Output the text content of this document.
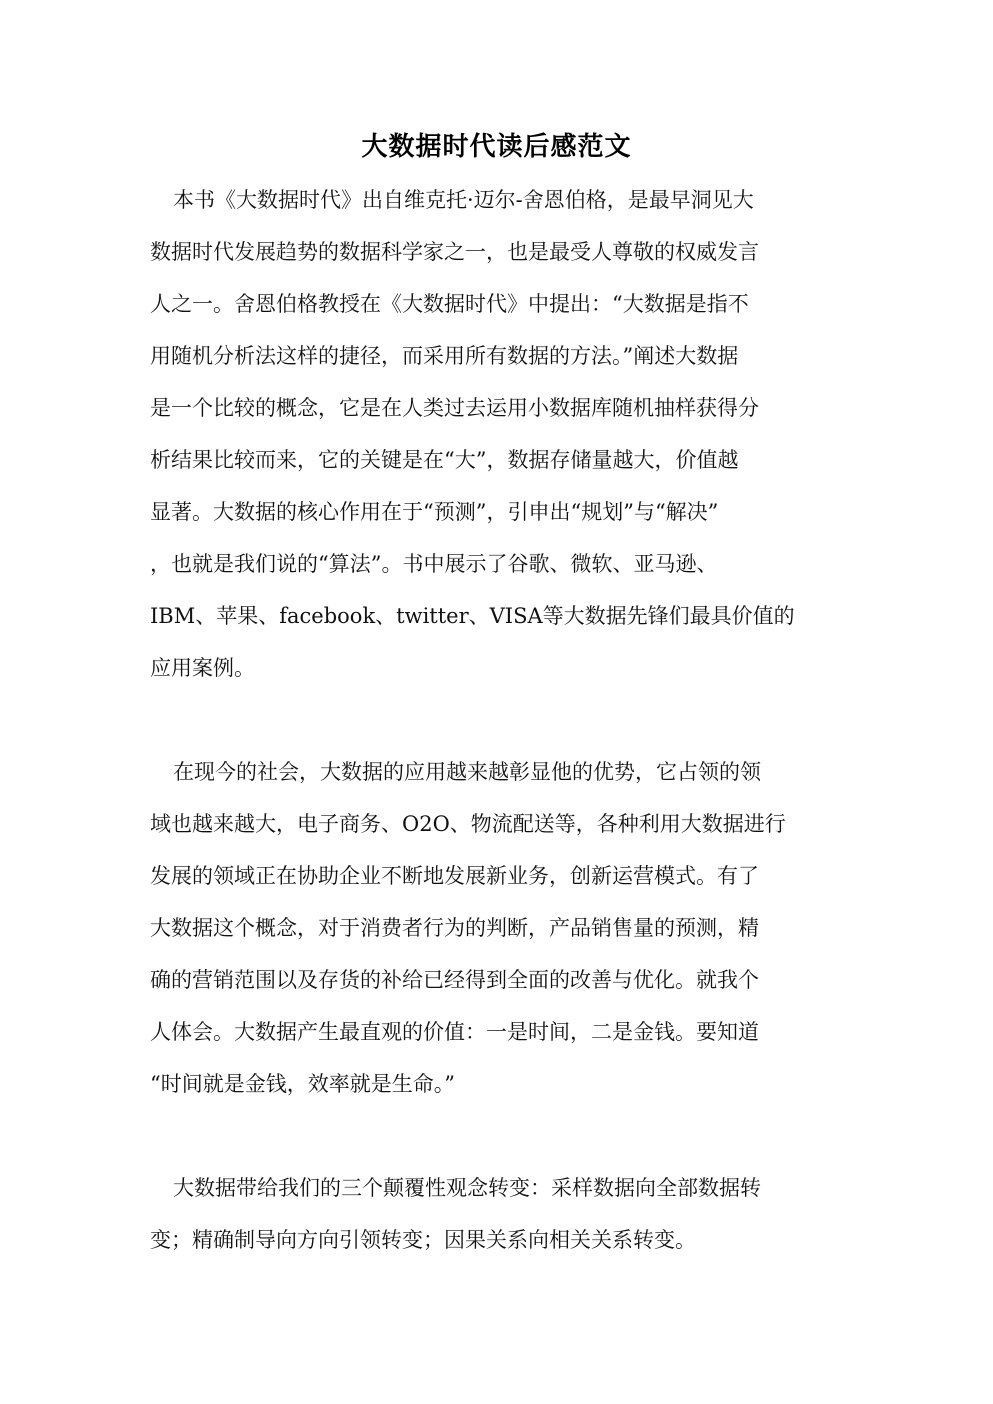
大数据时代读后感范文
本书《大数据时代》出自维克托·迈尔-舍恩伯格，是最早洞见大
数据时代发展趋势的数据科学家之一，也是最受人尊敬的权威发言
人之一。舍恩伯格教授在《大数据时代》中提出：“大数据是指不
用随机分析法这样的捷径，而采用所有数据的方法。”阐述大数据
是一个比较的概念，它是在人类过去运用小数据库随机抽样获得分
析结果比较而来，它的关键是在“大”，数据存储量越大，价值越
显著。大数据的核心作用在于“预测”，引申出“规划”与“解决”
，也就是我们说的“算法”。书中展示了谷歌、微软、亚马逊、
IBM、苹果、facebook、twitter、VISA等大数据先锋们最具价值的
应用案例。
在现今的社会，大数据的应用越来越彰显他的优势，它占领的领
域也越来越大，电子商务、O2O、物流配送等，各种利用大数据进行
发展的领域正在协助企业不断地发展新业务，创新运营模式。有了
大数据这个概念，对于消费者行为的判断，产品销售量的预测，精
确的营销范围以及存货的补给已经得到全面的改善与优化。就我个
人体会。大数据产生最直观的价值：一是时间，二是金钱。要知道
“时间就是金钱，效率就是生命。”
大数据带给我们的三个颠覆性观念转变：采样数据向全部数据转
变；精确制导向方向引领转变；因果关系向相关关系转变。
